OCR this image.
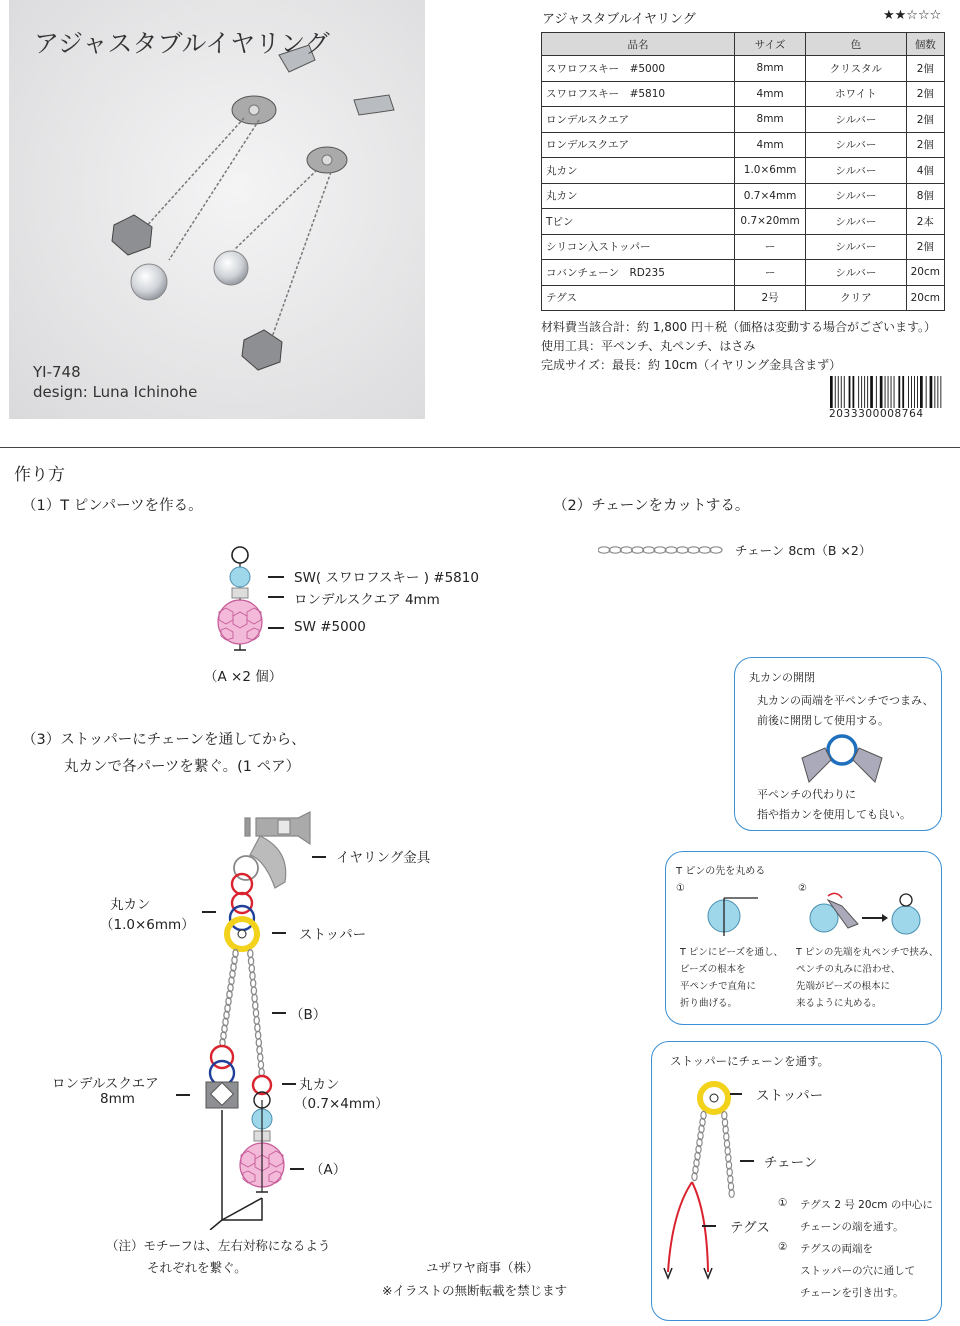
アジャスタブルイヤリング
YI-748
design: Luna Ichinohe
アジャスタブルイヤリング	★★☆☆☆
品名	サイズ	色	個数
スワロフスキー　#5000	8mm	クリスタル	2個
スワロフスキー　#5810	4mm	ホワイト	2個
ロンデルスクエア	8mm	シルバー	2個
ロンデルスクエア	4mm	シルバー	2個
丸カン	1.0×6mm	シルバー	4個
丸カン	0.7×4mm	シルバー	8個
Tピン	0.7×20mm	シルバー	2本
シリコン入ストッパー	ー	シルバー	2個
コバンチェーン　RD235	ー	シルバー	20cm
テグス	2号	クリア	20cm
材料費当該合計：約 1,800 円＋税（価格は変動する場合がございます。）
使用工具：平ペンチ、丸ペンチ、はさみ
完成サイズ：最長：約 10cm（イヤリング金具含まず）
2033300008764
作り方
（1）T ピンパーツを作る。	（2）チェーンをカットする。
SW( スワロフスキー ) #5810
ロンデルスクエア 4mm
SW #5000
（A ×2 個）
チェーン 8cm（B ×2）
（3）ストッパーにチェーンを通してから、
丸カンで各パーツを繋ぐ。(1 ペア）
イヤリング金具
丸カン
（1.0×6mm）
ストッパー
（B）
ロンデルスクエア
8mm
丸カン
（0.7×4mm）
（A）
（注）モチーフは、左右対称になるよう
それぞれを繋ぐ。	ユザワヤ商事（株）
※イラストの無断転載を禁じます
丸カンの開閉
丸カンの両端を平ペンチでつまみ、
前後に開閉して使用する。
平ペンチの代わりに
指や指カンを使用しても良い。
T ピンの先を丸める
①	②
T ピンにビーズを通し、
ビーズの根本を
平ペンチで直角に
折り曲げる。
T ピンの先端を丸ペンチで挟み、
ペンチの丸みに沿わせ、
先端がビーズの根本に
来るように丸める。
ストッパーにチェーンを通す。
ストッパー
チェーン
テグス
① テグス 2 号 20cm の中心に
チェーンの端を通す。
② テグスの両端を
ストッパーの穴に通して
チェーンを引き出す。
